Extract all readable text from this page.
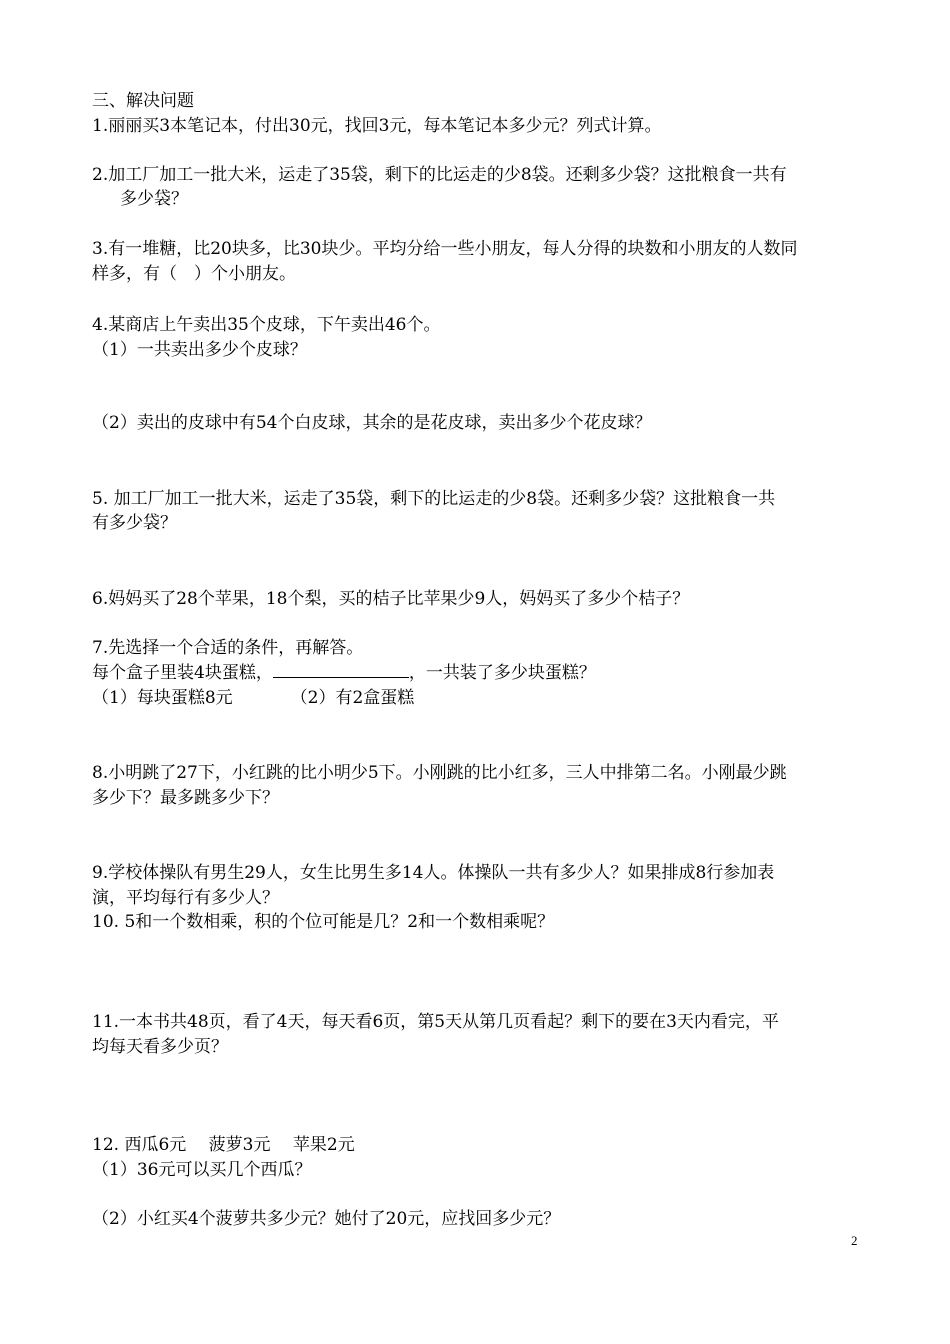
三、解决问题
1.丽丽买3本笔记本，付出30元，找回3元，每本笔记本多少元？列式计算。
2.加工厂加工一批大米，运走了35袋，剩下的比运走的少8袋。还剩多少袋？这批粮食一共有
多少袋？
3.有一堆糖，比20块多，比30块少。平均分给一些小朋友，每人分得的块数和小朋友的人数同
样多，有（　）个小朋友。
4.某商店上午卖出35个皮球，下午卖出46个。
（1）一共卖出多少个皮球？
（2）卖出的皮球中有54个白皮球，其余的是花皮球，卖出多少个花皮球？
5. 加工厂加工一批大米，运走了35袋，剩下的比运走的少8袋。还剩多少袋？这批粮食一共
有多少袋？
6.妈妈买了28个苹果，18个梨，买的桔子比苹果少9人，妈妈买了多少个桔子？
7.先选择一个合适的条件，再解答。
每个盒子里装4块蛋糕，	，一共装了多少块蛋糕？
（1）每块蛋糕8元	（2）有2盒蛋糕
8.小明跳了27下，小红跳的比小明少5下。小刚跳的比小红多，三人中排第二名。小刚最少跳
多少下？最多跳多少下？
9.学校体操队有男生29人，女生比男生多14人。体操队一共有多少人？如果排成8行参加表
演，平均每行有多少人？
10. 5和一个数相乘，积的个位可能是几？2和一个数相乘呢？
11.一本书共48页，看了4天，每天看6页，第5天从第几页看起？剩下的要在3天内看完，平
均每天看多少页？
12. 西瓜6元　 菠萝3元　 苹果2元
（1）36元可以买几个西瓜？
（2）小红买4个菠萝共多少元？她付了20元，应找回多少元？
2
